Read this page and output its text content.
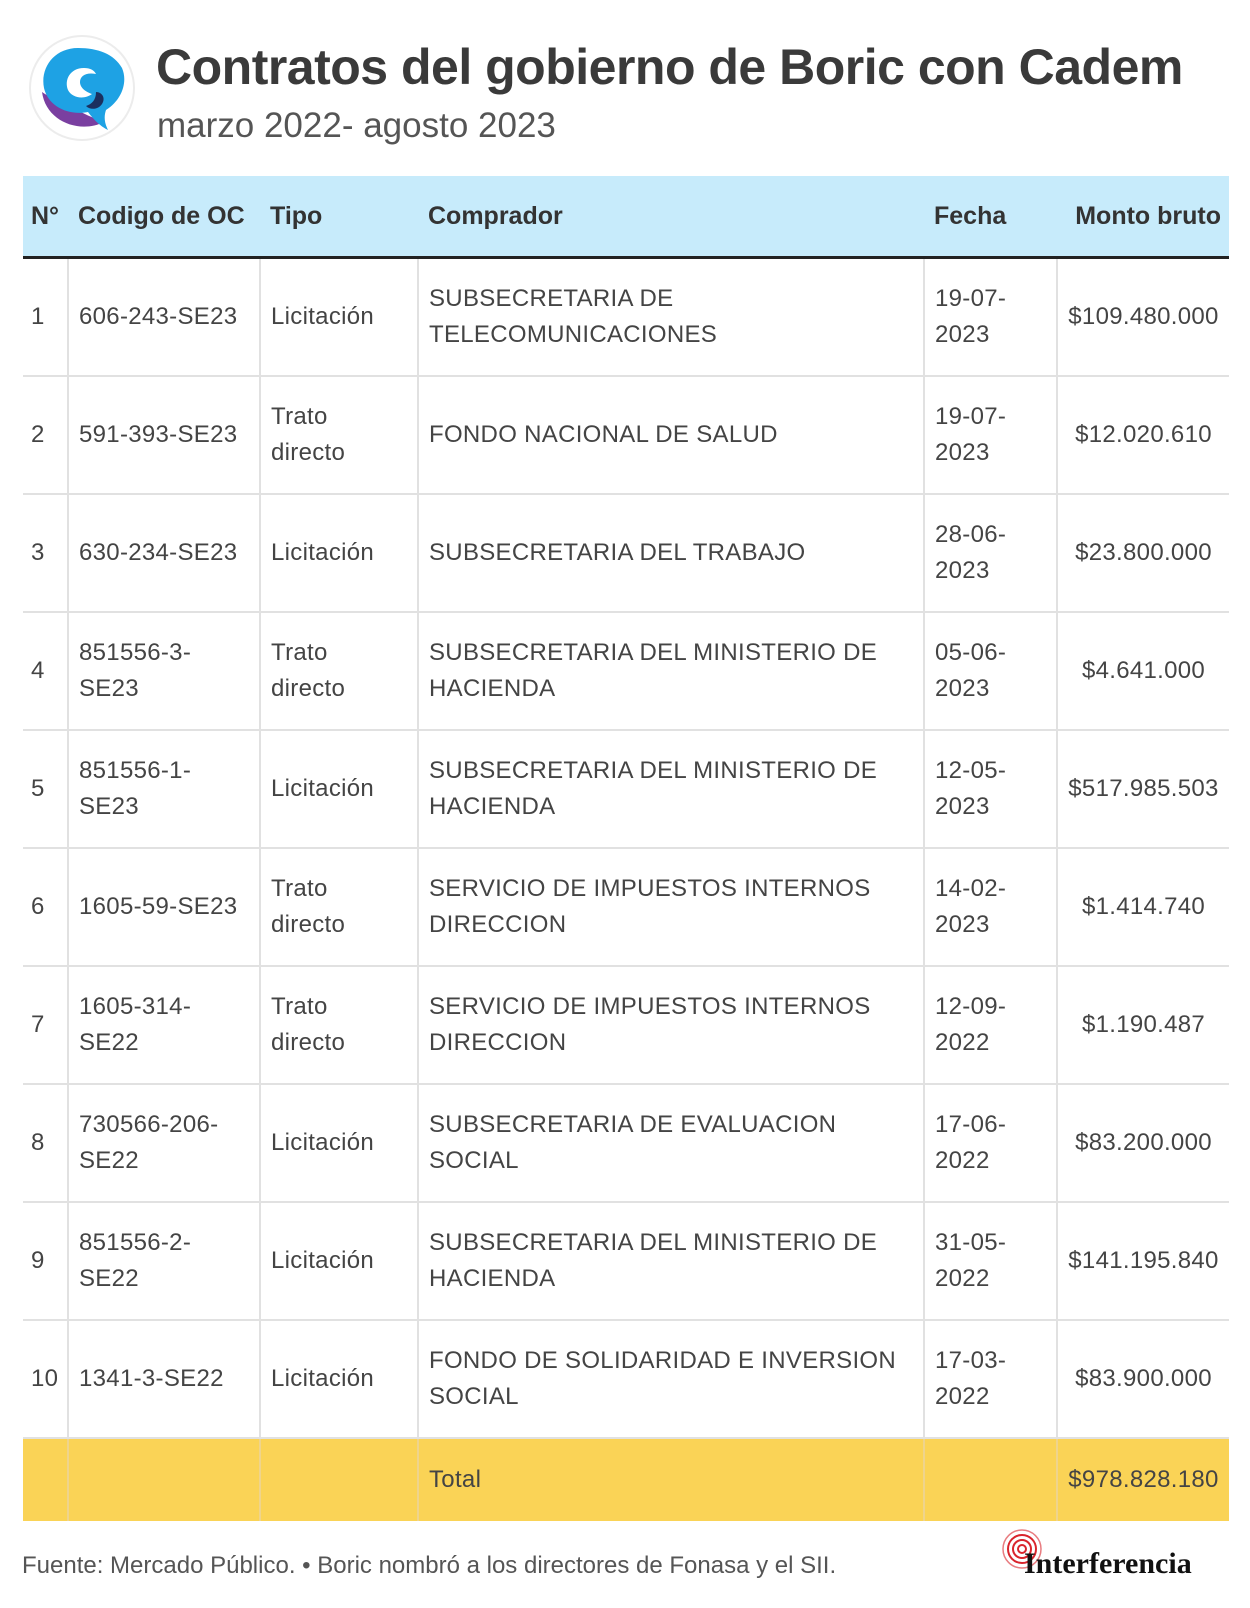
Contratos del gobierno de Boric con Cadem
marzo 2022- agosto 2023
N°	Codigo de OC	Tipo	Comprador	Fecha	Monto bruto
1	606-243-SE23	Licitación	SUBSECRETARIA DE TELECOMUNICACIONES	19-07-2023	$109.480.000
2	591-393-SE23	Trato directo	FONDO NACIONAL DE SALUD	19-07-2023	$12.020.610
3	630-234-SE23	Licitación	SUBSECRETARIA DEL TRABAJO	28-06-2023	$23.800.000
4	851556-3-SE23	Trato directo	SUBSECRETARIA DEL MINISTERIO DE HACIENDA	05-06-2023	$4.641.000
5	851556-1-SE23	Licitación	SUBSECRETARIA DEL MINISTERIO DE HACIENDA	12-05-2023	$517.985.503
6	1605-59-SE23	Trato directo	SERVICIO DE IMPUESTOS INTERNOS DIRECCION	14-02-2023	$1.414.740
7	1605-314-SE22	Trato directo	SERVICIO DE IMPUESTOS INTERNOS DIRECCION	12-09-2022	$1.190.487
8	730566-206-SE22	Licitación	SUBSECRETARIA DE EVALUACION SOCIAL	17-06-2022	$83.200.000
9	851556-2-SE22	Licitación	SUBSECRETARIA DEL MINISTERIO DE HACIENDA	31-05-2022	$141.195.840
10	1341-3-SE22	Licitación	FONDO DE SOLIDARIDAD E INVERSION SOCIAL	17-03-2022	$83.900.000
			Total		$978.828.180
Fuente: Mercado Público. • Boric nombró a los directores de Fonasa y el SII.	Interferencia
